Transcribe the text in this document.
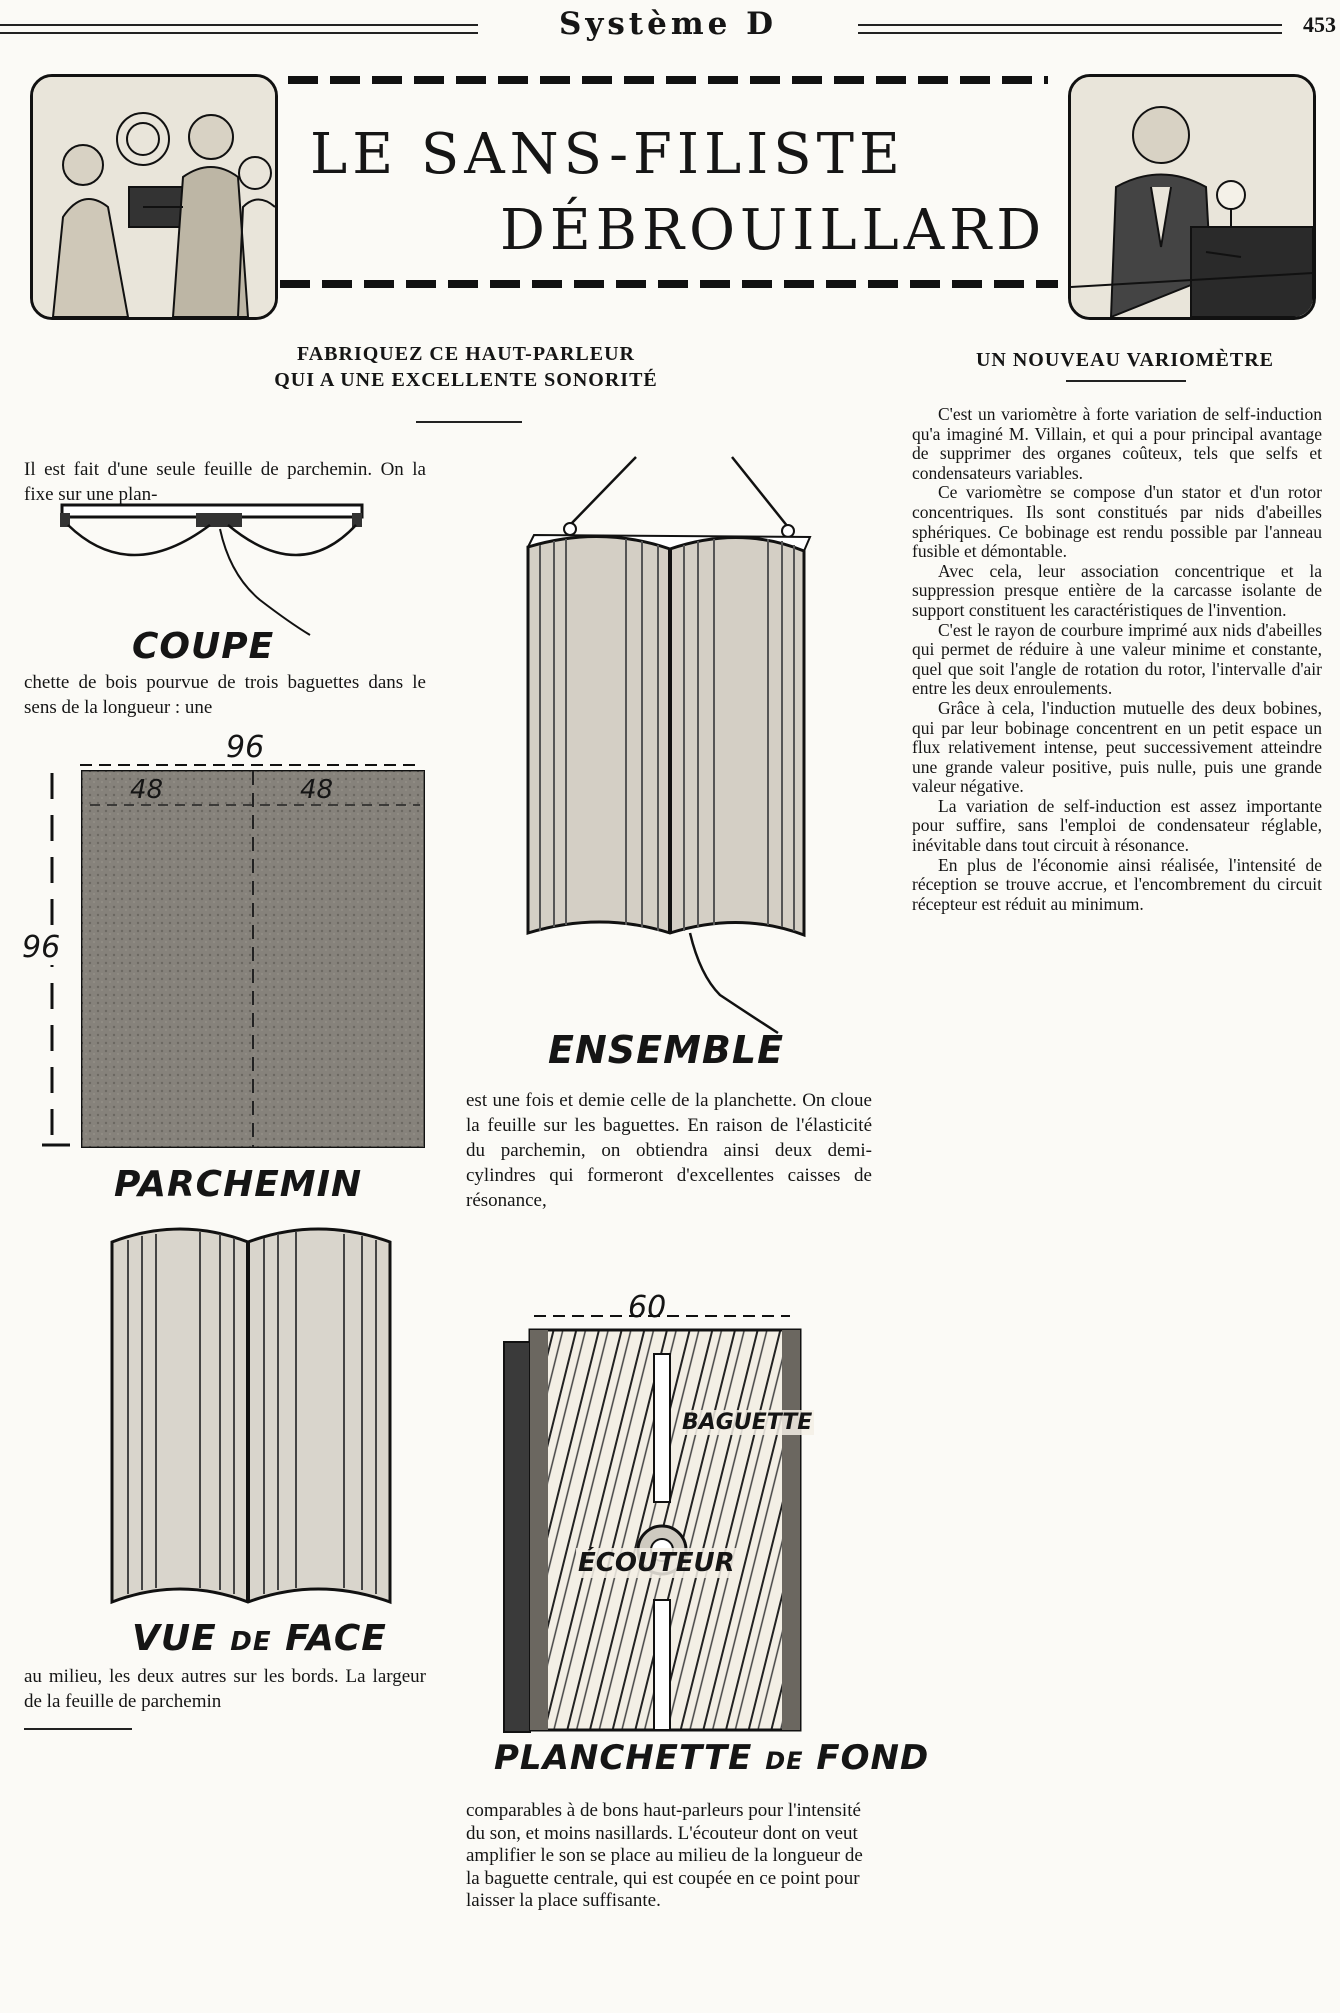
Système D	453
LE SANS-FILISTE
DÉBROUILLARD
FABRIQUEZ CE HAUT-PARLEUR
QUI A UNE EXCELLENTE SONORITÉ

Il est fait d'une seule feuille de parchemin. On la fixe sur une plan-

COUPE

chette de bois pourvue de trois baguettes dans le sens de la longueur : une

96
48	48
96
PARCHEMIN
VUE DE FACE

au milieu, les deux autres sur les bords. La largeur de la feuille de parchemin

ENSEMBLE

est une fois et demie celle de la planchette. On cloue la feuille sur les baguettes. En raison de l'élasticité du parchemin, on obtiendra ainsi deux demi-cylindres qui formeront d'excellentes caisses de résonance,

60
BAGUETTE
ÉCOUTEUR
PLANCHETTE DE FOND

comparables à de bons haut-parleurs pour l'intensité du son, et moins nasillards. L'écouteur dont on veut amplifier le son se place au milieu de la longueur de la baguette centrale, qui est coupée en ce point pour laisser la place suffisante.

UN NOUVEAU VARIOMÈTRE

C'est un variomètre à forte variation de self-induction qu'a imaginé M. Villain, et qui a pour principal avantage de supprimer des organes coûteux, tels que selfs et condensateurs variables.

Ce variomètre se compose d'un stator et d'un rotor concentriques. Ils sont constitués par nids d'abeilles sphériques. Ce bobinage est rendu possible par l'anneau fusible et démontable.

Avec cela, leur association concentrique et la suppression presque entière de la carcasse isolante de support constituent les caractéristiques de l'invention.

C'est le rayon de courbure imprimé aux nids d'abeilles qui permet de réduire à une valeur minime et constante, quel que soit l'angle de rotation du rotor, l'intervalle d'air entre les deux enroulements.

Grâce à cela, l'induction mutuelle des deux bobines, qui par leur bobinage concentrent en un petit espace un flux relativement intense, peut successivement atteindre une grande valeur positive, puis nulle, puis une grande valeur négative.

La variation de self-induction est assez importante pour suffire, sans l'emploi de condensateur réglable, inévitable dans tout circuit à résonance.

En plus de l'économie ainsi réalisée, l'intensité de réception se trouve accrue, et l'encombrement du circuit récepteur est réduit au minimum.
